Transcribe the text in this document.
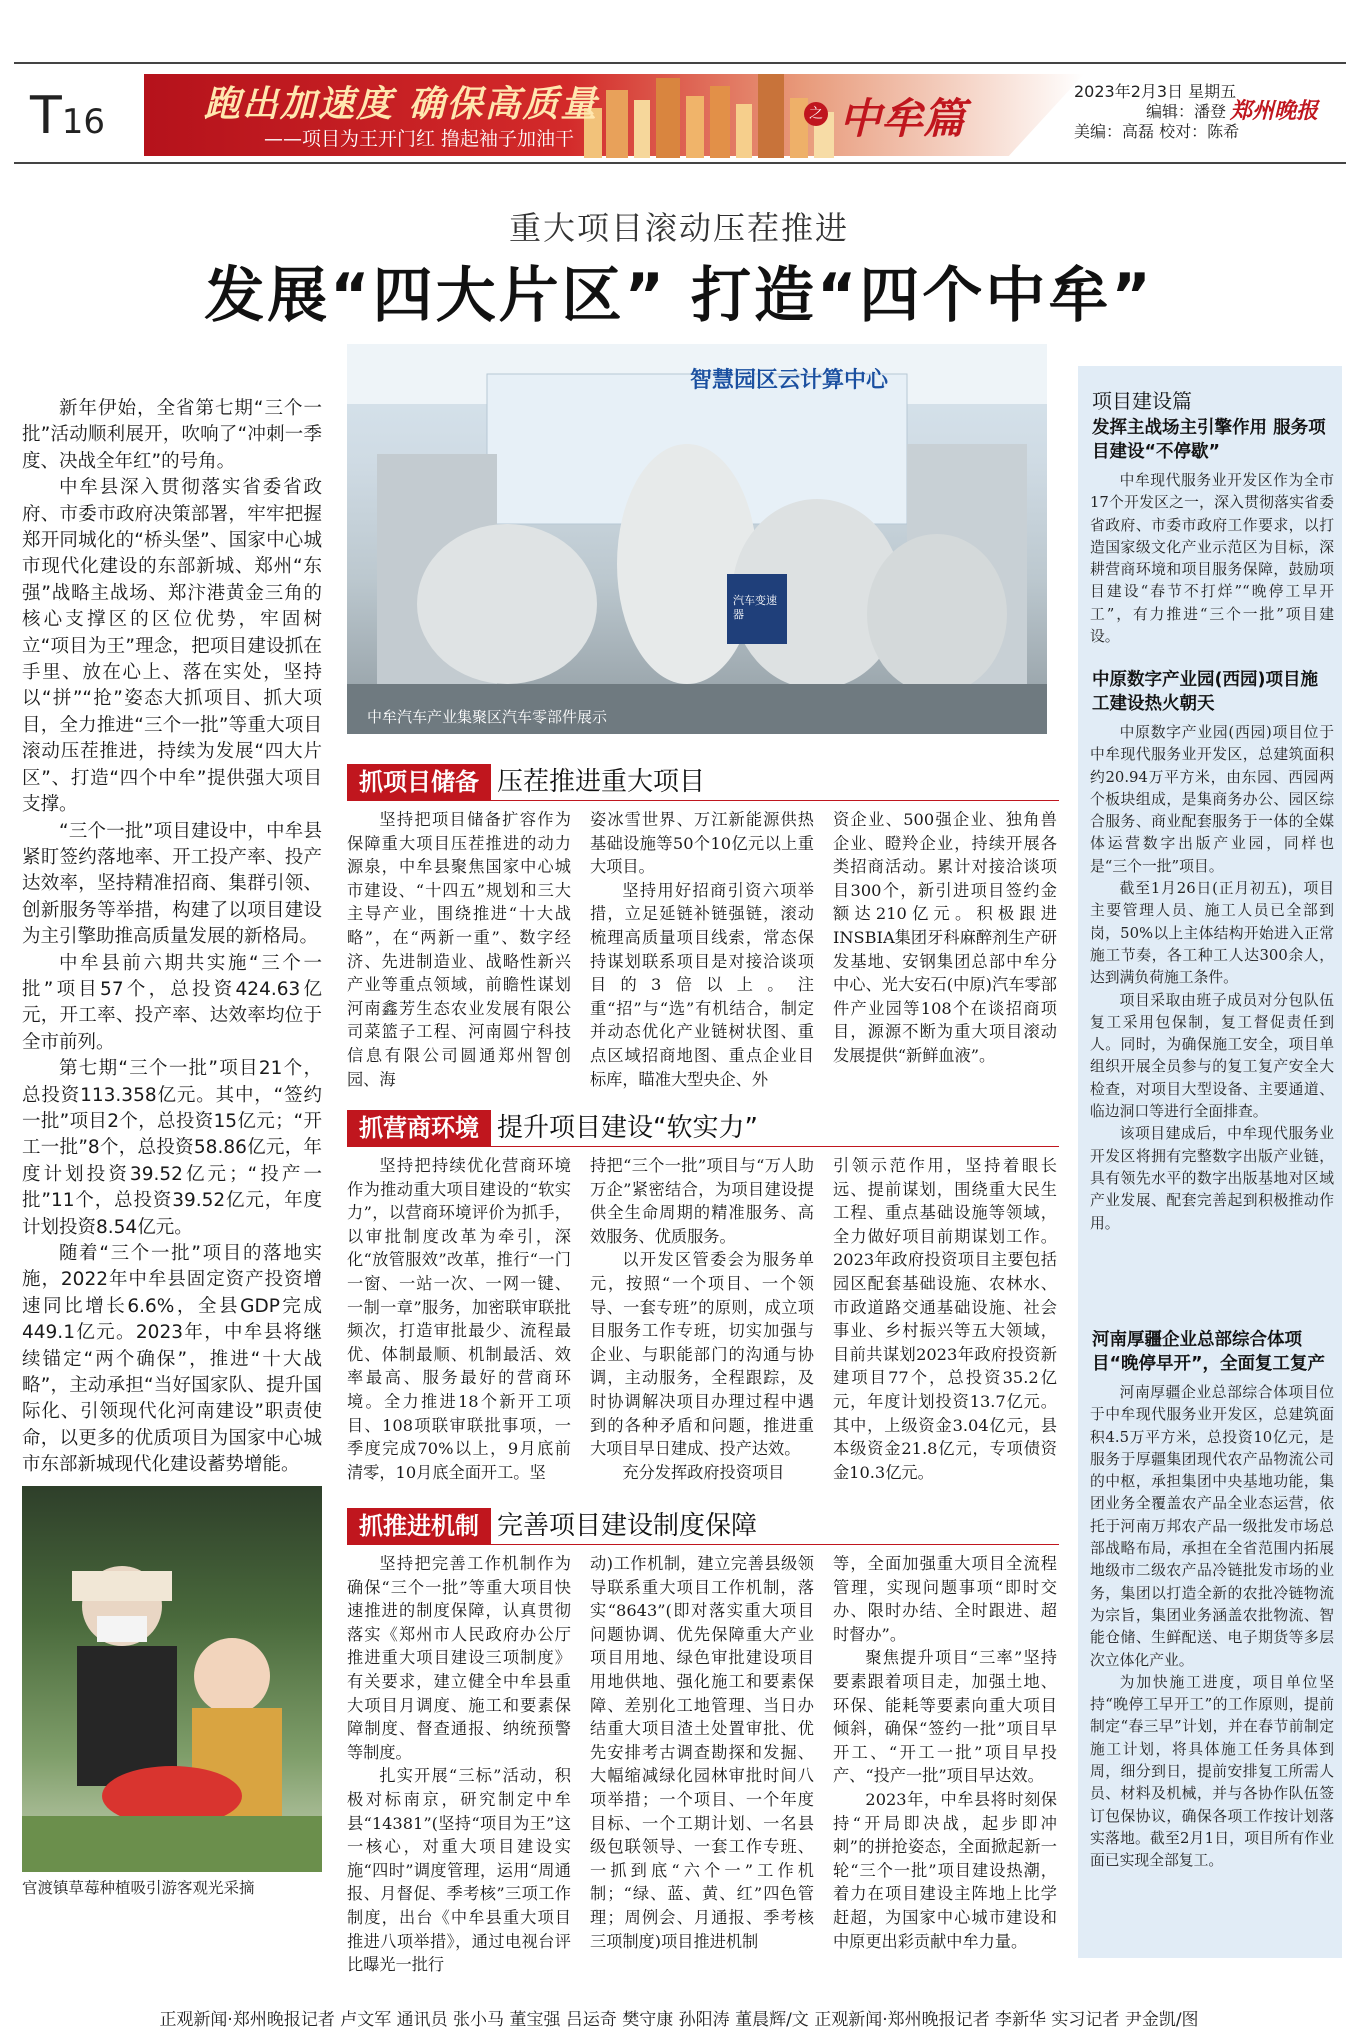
T16	跑出加速度 确保高质量
——项目为王开门红 撸起袖子加油干
之 中牟篇
2023年2月3日 星期五
编辑：潘登
美编：高磊 校对：陈希
郑州晚报
重大项目滚动压茬推进
发展“四大片区” 打造“四个中牟”

新年伊始，全省第七期“三个一批”活动顺利展开，吹响了“冲刺一季度、决战全年红”的号角。

中牟县深入贯彻落实省委省政府、市委市政府决策部署，牢牢把握郑开同城化的“桥头堡”、国家中心城市现代化建设的东部新城、郑州“东强”战略主战场、郑汴港黄金三角的核心支撑区的区位优势，牢固树立“项目为王”理念，把项目建设抓在手里、放在心上、落在实处，坚持以“拼”“抢”姿态大抓项目、抓大项目，全力推进“三个一批”等重大项目滚动压茬推进，持续为发展“四大片区”、打造“四个中牟”提供强大项目支撑。

“三个一批”项目建设中，中牟县紧盯签约落地率、开工投产率、投产达效率，坚持精准招商、集群引领、创新服务等举措，构建了以项目建设为主引擎助推高质量发展的新格局。

中牟县前六期共实施“三个一批”项目57个，总投资424.63亿元，开工率、投产率、达效率均位于全市前列。

第七期“三个一批”项目21个，总投资113.358亿元。其中，“签约一批”项目2个，总投资15亿元；“开工一批”8个，总投资58.86亿元，年度计划投资39.52亿元；“投产一批”11个，总投资39.52亿元，年度计划投资8.54亿元。

随着“三个一批”项目的落地实施，2022年中牟县固定资产投资增速同比增长6.6%，全县GDP完成449.1亿元。2023年，中牟县将继续锚定“两个确保”，推进“十大战略”，主动承担“当好国家队、提升国际化、引领现代化河南建设”职责使命，以更多的优质项目为国家中心城市东部新城现代化建设蓄势增能。

智慧园区云计算中心
汽车变速器
中牟汽车产业集聚区汽车零部件展示
抓项目储备 压茬推进重大项目

坚持把项目储备扩容作为保障重大项目压茬推进的动力源泉，中牟县聚焦国家中心城市建设、“十四五”规划和三大主导产业，围绕推进“十大战略”，在“两新一重”、数字经济、先进制造业、战略性新兴产业等重点领域，前瞻性谋划河南鑫芳生态农业发展有限公司菜篮子工程、河南圆宁科技信息有限公司圆通郑州智创园、海

姿冰雪世界、万江新能源供热基础设施等50个10亿元以上重大项目。

坚持用好招商引资六项举措，立足延链补链强链，滚动梳理高质量项目线索，常态保持谋划联系项目是对接洽谈项目的3倍以上。注重“招”与“选”有机结合，制定并动态优化产业链树状图、重点区域招商地图、重点企业目标库，瞄准大型央企、外

资企业、500强企业、独角兽企业、瞪羚企业，持续开展各类招商活动。累计对接洽谈项目300个，新引进项目签约金额达210亿元。积极跟进INSBIA集团牙科麻醉剂生产研发基地、安钢集团总部中牟分中心、光大安石(中原)汽车零部件产业园等108个在谈招商项目，源源不断为重大项目滚动发展提供“新鲜血液”。

抓营商环境 提升项目建设“软实力”

坚持把持续优化营商环境作为推动重大项目建设的“软实力”，以营商环境评价为抓手，以审批制度改革为牵引，深化“放管服效”改革，推行“一门一窗、一站一次、一网一键、一制一章”服务，加密联审联批频次，打造审批最少、流程最优、体制最顺、机制最活、效率最高、服务最好的营商环境。全力推进18个新开工项目、108项联审联批事项，一季度完成70%以上，9月底前清零，10月底全面开工。坚

持把“三个一批”项目与“万人助万企”紧密结合，为项目建设提供全生命周期的精准服务、高效服务、优质服务。

以开发区管委会为服务单元，按照“一个项目、一个领导、一套专班”的原则，成立项目服务工作专班，切实加强与企业、与职能部门的沟通与协调，主动服务，全程跟踪，及时协调解决项目办理过程中遇到的各种矛盾和问题，推进重大项目早日建成、投产达效。

充分发挥政府投资项目

引领示范作用，坚持着眼长远、提前谋划，围绕重大民生工程、重点基础设施等领域，全力做好项目前期谋划工作。2023年政府投资项目主要包括园区配套基础设施、农林水、市政道路交通基础设施、社会事业、乡村振兴等五大领域，目前共谋划2023年政府投资新建项目77个，总投资35.2亿元，年度计划投资13.7亿元。其中，上级资金3.04亿元，县本级资金21.8亿元，专项债资金10.3亿元。

抓推进机制 完善项目建设制度保障

坚持把完善工作机制作为确保“三个一批”等重大项目快速推进的制度保障，认真贯彻落实《郑州市人民政府办公厅推进重大项目建设三项制度》有关要求，建立健全中牟县重大项目月调度、施工和要素保障制度、督查通报、纳统预警等制度。

扎实开展“三标”活动，积极对标南京，研究制定中牟县“14381”(坚持“项目为王”这一核心，对重大项目建设实施“四时”调度管理，运用“周通报、月督促、季考核”三项工作制度，出台《中牟县重大项目推进八项举措》，通过电视台评比曝光一批行

动)工作机制，建立完善县级领导联系重大项目工作机制，落实“8643”(即对落实重大项目问题协调、优先保障重大产业项目用地、绿色审批建设项目用地供地、强化施工和要素保障、差别化工地管理、当日办结重大项目渣土处置审批、优先安排考古调查勘探和发掘、大幅缩减绿化园林审批时间八项举措；一个项目、一个年度目标、一个工期计划、一名县级包联领导、一套工作专班、一抓到底“六个一”工作机制；“绿、蓝、黄、红”四色管理；周例会、月通报、季考核三项制度)项目推进机制

等，全面加强重大项目全流程管理，实现问题事项“即时交办、限时办结、全时跟进、超时督办”。

聚焦提升项目“三率”坚持要素跟着项目走，加强土地、环保、能耗等要素向重大项目倾斜，确保“签约一批”项目早开工、“开工一批”项目早投产、“投产一批”项目早达效。

2023年，中牟县将时刻保持“开局即决战，起步即冲刺”的拼抢姿态，全面掀起新一轮“三个一批”项目建设热潮，着力在项目建设主阵地上比学赶超，为国家中心城市建设和中原更出彩贡献中牟力量。

官渡镇草莓种植吸引游客观光采摘
项目建设篇
发挥主战场主引擎作用 服务项目建设“不停歇”

中牟现代服务业开发区作为全市17个开发区之一，深入贯彻落实省委省政府、市委市政府工作要求，以打造国家级文化产业示范区为目标，深耕营商环境和项目服务保障，鼓励项目建设“春节不打烊”“晚停工早开工”，有力推进“三个一批”项目建设。

中原数字产业园(西园)项目施工建设热火朝天

中原数字产业园(西园)项目位于中牟现代服务业开发区，总建筑面积约20.94万平方米，由东园、西园两个板块组成，是集商务办公、园区综合服务、商业配套服务于一体的全媒体运营数字出版产业园，同样也是“三个一批”项目。

截至1月26日(正月初五)，项目主要管理人员、施工人员已全部到岗，50%以上主体结构开始进入正常施工节奏，各工种工人达300余人，达到满负荷施工条件。

项目采取由班子成员对分包队伍复工采用包保制，复工督促责任到人。同时，为确保施工安全，项目单组织开展全员参与的复工复产安全大检查，对项目大型设备、主要通道、临边洞口等进行全面排查。

该项目建成后，中牟现代服务业开发区将拥有完整数字出版产业链，具有领先水平的数字出版基地对区域产业发展、配套完善起到积极推动作用。

河南厚疆企业总部综合体项目“晚停早开”，全面复工复产

河南厚疆企业总部综合体项目位于中牟现代服务业开发区，总建筑面积4.5万平方米，总投资10亿元，是服务于厚疆集团现代农产品物流公司的中枢，承担集团中央基地功能，集团业务全覆盖农产品全业态运营，依托于河南万邦农产品一级批发市场总部战略布局，承担在全省范围内拓展地级市二级农产品冷链批发市场的业务，集团以打造全新的农批冷链物流为宗旨，集团业务涵盖农批物流、智能仓储、生鲜配送、电子期货等多层次立体化产业。

为加快施工进度，项目单位坚持“晚停工早开工”的工作原则，提前制定“春三早”计划，并在春节前制定施工计划，将具体施工任务具体到周，细分到日，提前安排复工所需人员、材料及机械，并与各协作队伍签订包保协议，确保各项工作按计划落实落地。截至2月1日，项目所有作业面已实现全部复工。

正观新闻·郑州晚报记者 卢文军 通讯员 张小马 董宝强 吕运奇 樊守康 孙阳涛 董晨辉/文 正观新闻·郑州晚报记者 李新华 实习记者 尹金凯/图
